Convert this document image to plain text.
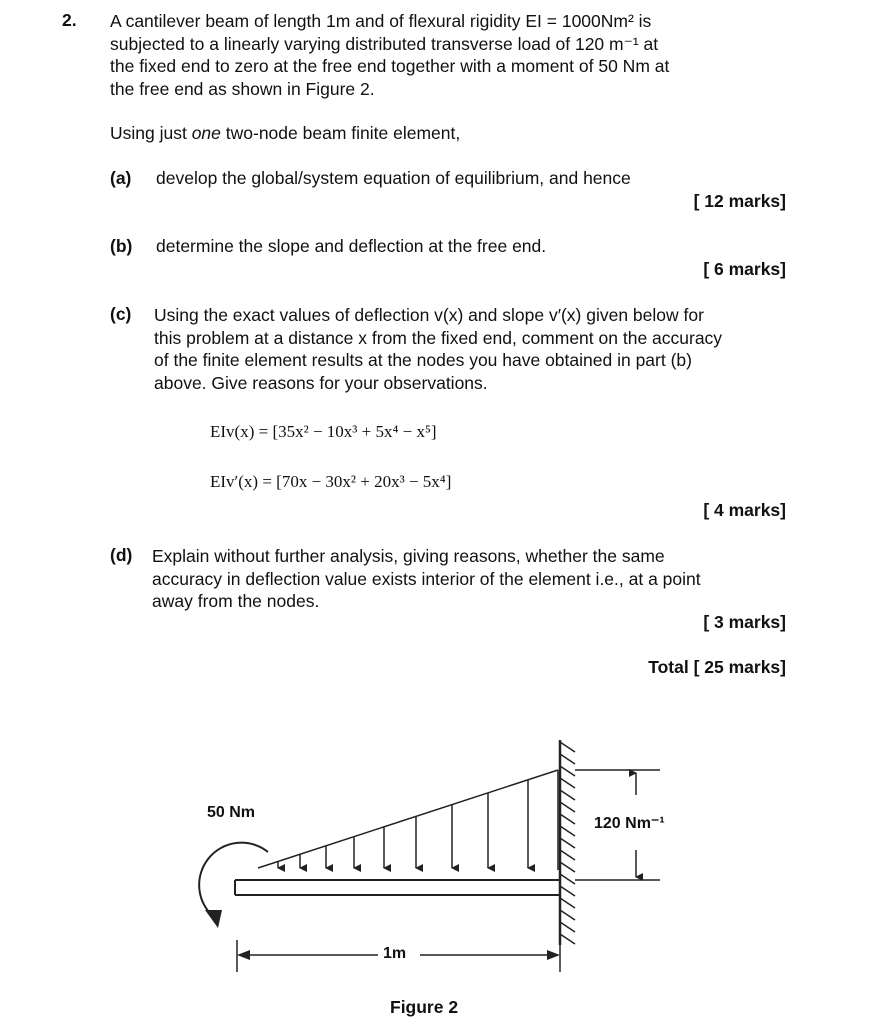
2. A cantilever beam of length 1m and of flexural rigidity EI = 1000Nm² is
subjected to a linearly varying distributed transverse load of 120 m⁻¹ at
the fixed end to zero at the free end together with a moment of 50 Nm at
the free end as shown in Figure 2.
Using just one two-node beam finite element,
(a) develop the global/system equation of equilibrium, and hence
[ 12 marks]
(b) determine the slope and deflection at the free end.
[ 6 marks]
(c) Using the exact values of deflection v(x) and slope v′(x) given below for
this problem at a distance x from the fixed end, comment on the accuracy
of the finite element results at the nodes you have obtained in part (b)
above. Give reasons for your observations.
EIv(x) = [35x² − 10x³ + 5x⁴ − x⁵]
EIv′(x) = [70x − 30x² + 20x³ − 5x⁴]
[ 4 marks]
(d) Explain without further analysis, giving reasons, whether the same
accuracy in deflection value exists interior of the element i.e., at a point
away from the nodes.
[ 3 marks]
Total [ 25 marks]
50 Nm
120 Nm⁻¹
1m
Figure 2
